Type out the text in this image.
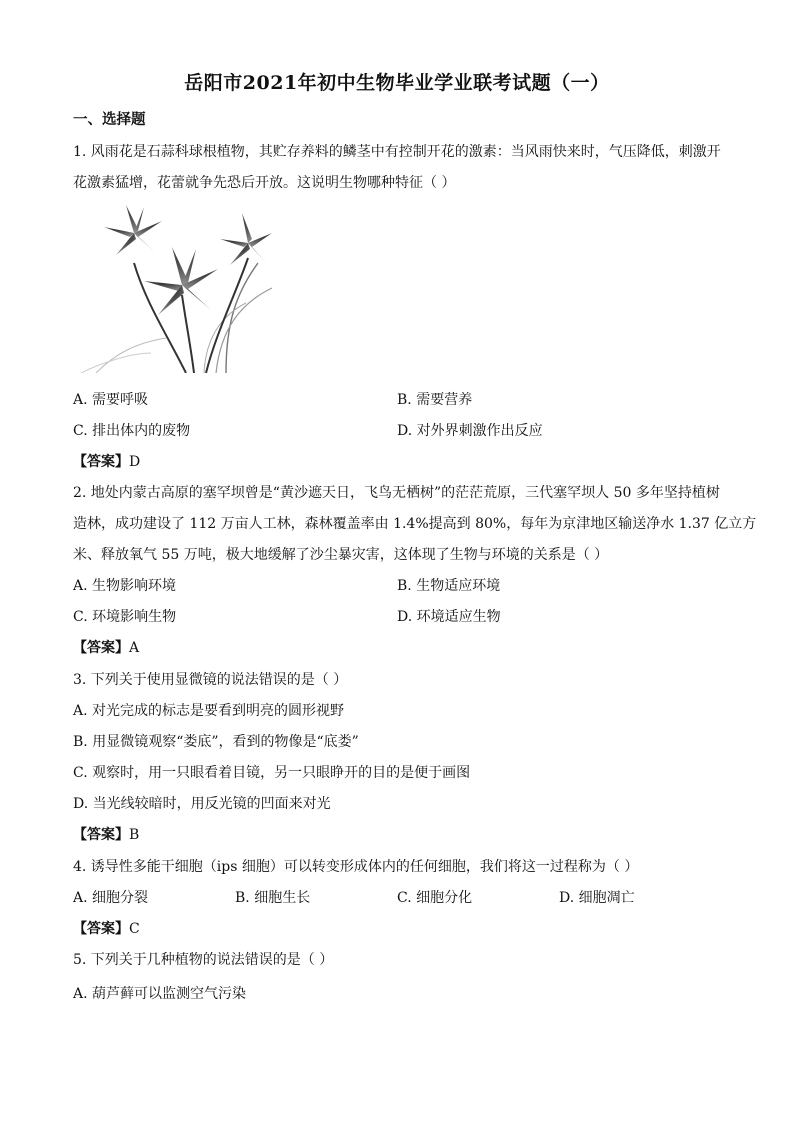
岳阳市2021年初中生物毕业学业联考试题（一）
一、选择题
1. 风雨花是石蒜科球根植物，其贮存养料的鳞茎中有控制开花的激素：当风雨快来时，气压降低，刺激开
花激素猛增，花蕾就争先恐后开放。这说明生物哪种特征（ ）
A. 需要呼吸	B. 需要营养
C. 排出体内的废物	D. 对外界刺激作出反应
【答案】D
2. 地处内蒙古高原的塞罕坝曾是“黄沙遮天日，飞鸟无栖树”的茫茫荒原，三代塞罕坝人 50 多年坚持植树
造林，成功建设了 112 万亩人工林，森林覆盖率由 1.4%提高到 80%，每年为京津地区输送净水 1.37 亿立方
米、释放氧气 55 万吨，极大地缓解了沙尘暴灾害，这体现了生物与环境的关系是（ ）
A. 生物影响环境	B. 生物适应环境
C. 环境影响生物	D. 环境适应生物
【答案】A
3. 下列关于使用显微镜的说法错误的是（ ）
A. 对光完成的标志是要看到明亮的圆形视野
B. 用显微镜观察“娄底”，看到的物像是“底娄”
C. 观察时，用一只眼看着目镜，另一只眼睁开的目的是便于画图
D. 当光线较暗时，用反光镜的凹面来对光
【答案】B
4. 诱导性多能干细胞（ips 细胞）可以转变形成体内的任何细胞，我们将这一过程称为（ ）
A. 细胞分裂	B. 细胞生长	C. 细胞分化	D. 细胞凋亡
【答案】C
5. 下列关于几种植物的说法错误的是（ ）
A. 葫芦藓可以监测空气污染
